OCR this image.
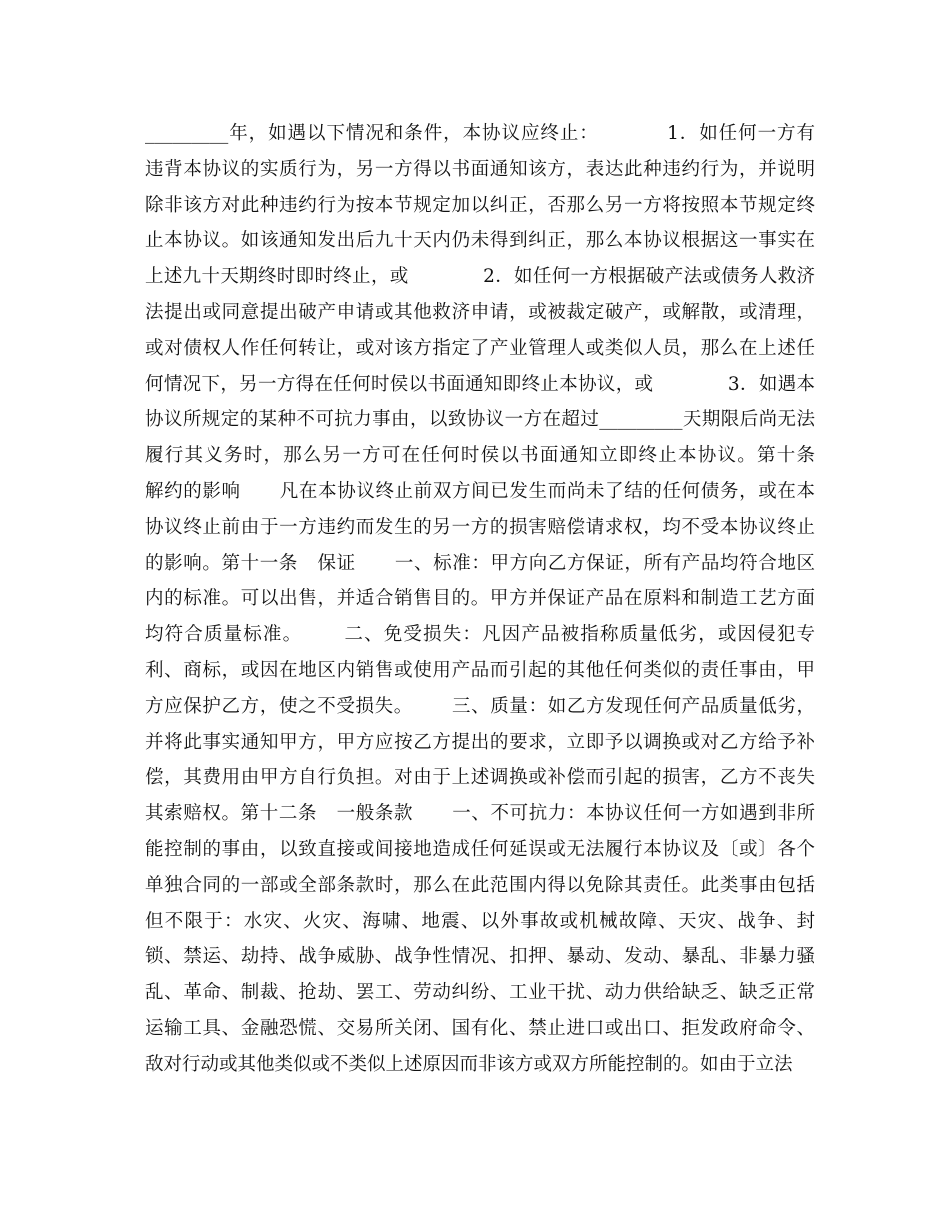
_________年，如遇以下情况和条件，本协议应终止：          1．如任何一方有
违背本协议的实质行为，另一方得以书面通知该方，表达此种违约行为，并说明
除非该方对此种违约行为按本节规定加以纠正，否那么另一方将按照本节规定终
止本协议。如该通知发出后九十天内仍未得到纠正，那么本协议根据这一事实在
上述九十天期终时即时终止，或            2．如任何一方根据破产法或债务人救济
法提出或同意提出破产申请或其他救济申请，或被裁定破产，或解散，或清理，
或对债权人作任何转让，或对该方指定了产业管理人或类似人员，那么在上述任
何情况下，另一方得在任何时侯以书面通知即终止本协议，或            3．如遇本
协议所规定的某种不可抗力事由，以致协议一方在超过_________天期限后尚无法
履行其义务时，那么另一方可在任何时侯以书面通知立即终止本协议。第十条
解约的影响      凡在本协议终止前双方间已发生而尚未了结的任何债务，或在本
协议终止前由于一方违约而发生的另一方的损害赔偿请求权，均不受本协议终止
的影响。第十一条   保证      一、标准：甲方向乙方保证，所有产品均符合地区
内的标准。可以出售，并适合销售目的。甲方并保证产品在原料和制造工艺方面
均符合质量标准。      二、免受损失：凡因产品被指称质量低劣，或因侵犯专
利、商标，或因在地区内销售或使用产品而引起的其他任何类似的责任事由，甲
方应保护乙方，使之不受损失。      三、质量：如乙方发现任何产品质量低劣，
并将此事实通知甲方，甲方应按乙方提出的要求，立即予以调换或对乙方给予补
偿，其费用由甲方自行负担。对由于上述调换或补偿而引起的损害，乙方不丧失
其索赔权。第十二条   一般条款      一、不可抗力：本协议任何一方如遇到非所
能控制的事由，以致直接或间接地造成任何延误或无法履行本协议及〔或〕各个
单独合同的一部或全部条款时，那么在此范围内得以免除其责任。此类事由包括
但不限于：水灾、火灾、海啸、地震、以外事故或机械故障、天灾、战争、封
锁、禁运、劫持、战争威胁、战争性情况、扣押、暴动、发动、暴乱、非暴力骚
乱、革命、制裁、抢劫、罢工、劳动纠纷、工业干扰、动力供给缺乏、缺乏正常
运输工具、金融恐慌、交易所关闭、国有化、禁止进口或出口、拒发政府命令、
敌对行动或其他类似或不类似上述原因而非该方或双方所能控制的。如由于立法
